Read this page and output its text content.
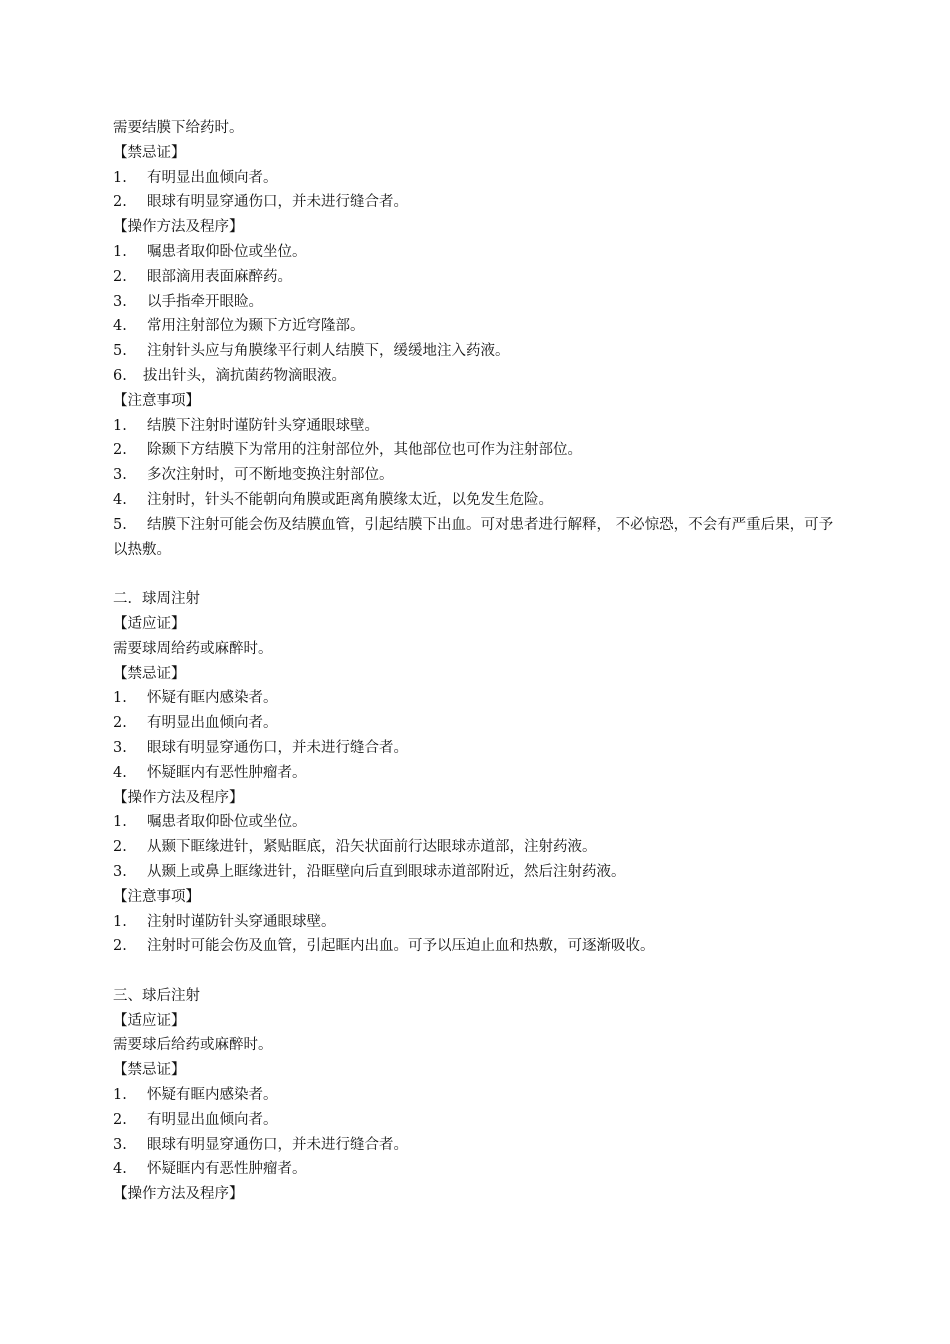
需要结膜下给药时。
【禁忌证】
1. 有明显出血倾向者。
2. 眼球有明显穿通伤口，并未进行缝合者。
【操作方法及程序】
1. 嘱患者取仰卧位或坐位。
2. 眼部滴用表面麻醉药。
3. 以手指牵开眼睑。
4. 常用注射部位为颞下方近穹隆部。
5. 注射针头应与角膜缘平行刺人结膜下，缓缓地注入药液。
6. 拔出针头，滴抗菌药物滴眼液。
【注意事项】
1. 结膜下注射时谨防针头穿通眼球壁。
2. 除颞下方结膜下为常用的注射部位外，其他部位也可作为注射部位。
3. 多次注射时，可不断地变换注射部位。
4. 注射时，针头不能朝向角膜或距离角膜缘太近，以免发生危险。
5. 结膜下注射可能会伤及结膜血管，引起结膜下出血。可对患者进行解释， 不必惊恐，不会有严重后果，可予以热敷。
二．球周注射
【适应证】
需要球周给药或麻醉时。
【禁忌证】
1. 怀疑有眶内感染者。
2. 有明显出血倾向者。
3. 眼球有明显穿通伤口，并未进行缝合者。
4. 怀疑眶内有恶性肿瘤者。
【操作方法及程序】
1. 嘱患者取仰卧位或坐位。
2. 从颞下眶缘进针，紧贴眶底，沿矢状面前行达眼球赤道部，注射药液。
3. 从颞上或鼻上眶缘进针，沿眶壁向后直到眼球赤道部附近，然后注射药液。
【注意事项】
1. 注射时谨防针头穿通眼球壁。
2. 注射时可能会伤及血管，引起眶内出血。可予以压迫止血和热敷，可逐渐吸收。
三、球后注射
【适应证】
需要球后给药或麻醉时。
【禁忌证】
1. 怀疑有眶内感染者。
2. 有明显出血倾向者。
3. 眼球有明显穿通伤口，并未进行缝合者。
4. 怀疑眶内有恶性肿瘤者。
【操作方法及程序】
